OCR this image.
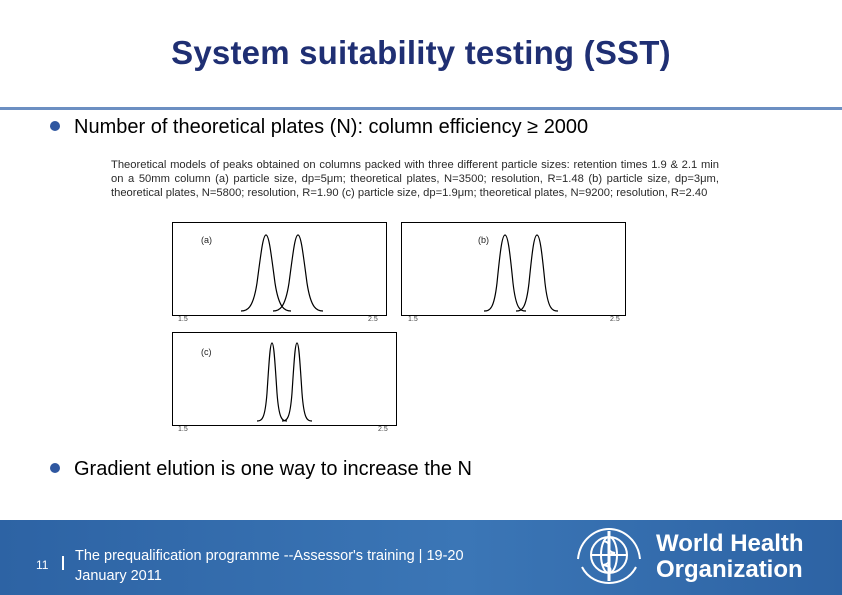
System suitability testing (SST)
Number of theoretical plates (N): column efficiency ≥ 2000
Theoretical models of peaks obtained on columns packed with three different particle sizes: retention times 1.9 & 2.1 min on a 50mm column (a) particle size, dp=5μm; theoretical plates, N=3500; resolution, R=1.48 (b) particle size, dp=3μm, theoretical plates, N=5800; resolution, R=1.90 (c) particle size, dp=1.9μm; theoretical plates, N=9200; resolution, R=2.40
(a)
1.5	2.5
(b)
1.5	2.5
(c)
1.5	2.5
Gradient elution is one way to increase the N
11
The prequalification programme --Assessor's training | 19-20
January 2011
World Health
Organization
